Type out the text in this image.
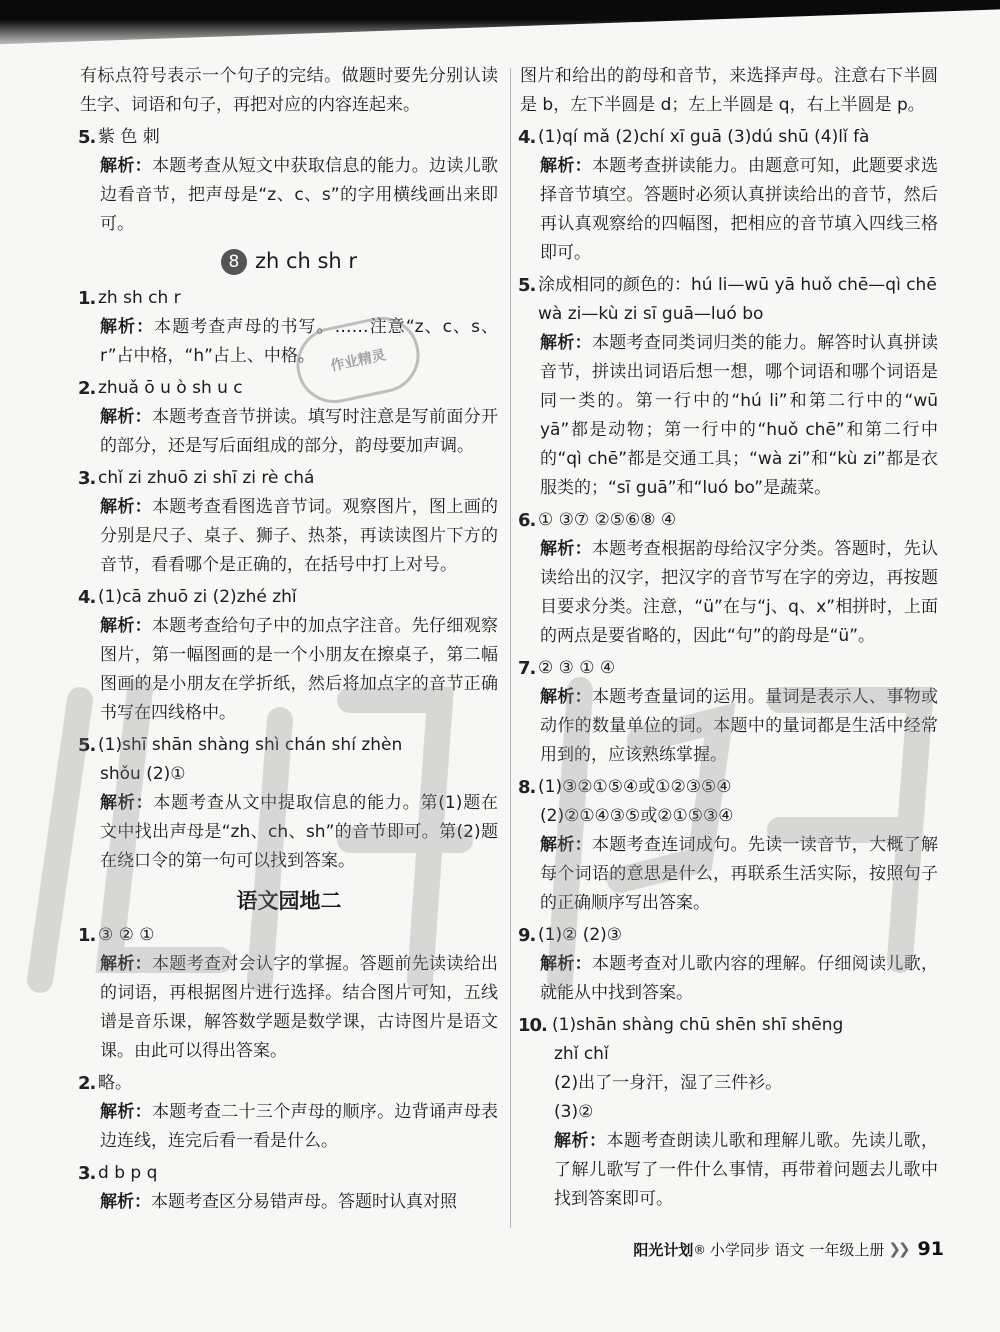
有标点符号表示一个句子的完结。做题时要先分别认读生字、词语和句子，再把对应的内容连起来。

5. 紫 色 刺
解析：本题考查从短文中获取信息的能力。边读儿歌边看音节，把声母是“z、c、s”的字用横线画出来即可。
8 zh ch sh r
1. zh sh ch r
解析：本题考查声母的书写。……注意“z、c、s、r”占中格，“h”占上、中格。
2. zhuǎ ō u ò sh u c
解析：本题考查音节拼读。填写时注意是写前面分开的部分，还是写后面组成的部分，韵母要加声调。
3. chǐ zi zhuō zi shī zi rè chá
解析：本题考查看图选音节词。观察图片，图上画的分别是尺子、桌子、狮子、热茶，再读读图片下方的音节，看看哪个是正确的，在括号中打上对号。
4. (1)cā zhuō zi (2)zhé zhǐ
解析：本题考查给句子中的加点字注音。先仔细观察图片，第一幅图画的是一个小朋友在擦桌子，第二幅图画的是小朋友在学折纸，然后将加点字的音节正确书写在四线格中。
5. (1)shī shān shàng shì chán shí zhèn
shǒu (2)①
解析：本题考查从文中提取信息的能力。第(1)题在文中找出声母是“zh、ch、sh”的音节即可。第(2)题在绕口令的第一句可以找到答案。
语文园地二
1. ③ ② ①
解析：本题考查对会认字的掌握。答题前先读读给出的词语，再根据图片进行选择。结合图片可知，五线谱是音乐课，解答数学题是数学课，古诗图片是语文课。由此可以得出答案。
2. 略。
解析：本题考查二十三个声母的顺序。边背诵声母表边连线，连完后看一看是什么。
3. d b p q
解析：本题考查区分易错声母。答题时认真对照

图片和给出的韵母和音节，来选择声母。注意右下半圆是 b，左下半圆是 d；左上半圆是 q，右上半圆是 p。

4. (1)qí mǎ (2)chí xī guā (3)dú shū (4)lǐ fà
解析：本题考查拼读能力。由题意可知，此题要求选择音节填空。答题时必须认真拼读给出的音节，然后再认真观察给的四幅图，把相应的音节填入四线三格即可。
5. 涂成相同的颜色的：hú li—wū yā huǒ chē—qì chē wà zi—kù zi sī guā—luó bo
解析：本题考查同类词归类的能力。解答时认真拼读音节，拼读出词语后想一想，哪个词语和哪个词语是同一类的。第一行中的“hú li”和第二行中的“wū yā”都是动物；第一行中的“huǒ chē”和第二行中的“qì chē”都是交通工具；“wà zi”和“kù zi”都是衣服类的；“sī guā”和“luó bo”是蔬菜。
6. ① ③⑦ ②⑤⑥⑧ ④
解析：本题考查根据韵母给汉字分类。答题时，先认读给出的汉字，把汉字的音节写在字的旁边，再按题目要求分类。注意，“ü”在与“j、q、x”相拼时，上面的两点是要省略的，因此“句”的韵母是“ü”。
7. ② ③ ① ④
解析：本题考查量词的运用。量词是表示人、事物或动作的数量单位的词。本题中的量词都是生活中经常用到的，应该熟练掌握。
8. (1)③②①⑤④或①②③⑤④
(2)②①④③⑤或②①⑤③④
解析：本题考查连词成句。先读一读音节，大概了解每个词语的意思是什么，再联系生活实际，按照句子的正确顺序写出答案。
9. (1)② (2)③
解析：本题考查对儿歌内容的理解。仔细阅读儿歌，就能从中找到答案。
10. (1)shān shàng chū shēn shī shēng
zhǐ chǐ
(2)出了一身汗，湿了三件衫。
(3)②
解析：本题考查朗读儿歌和理解儿歌。先读儿歌，了解儿歌写了一件什么事情，再带着问题去儿歌中找到答案即可。
作业精灵
阳光计划 ® 小学同步 语文 一年级上册 ❯❯ 91
